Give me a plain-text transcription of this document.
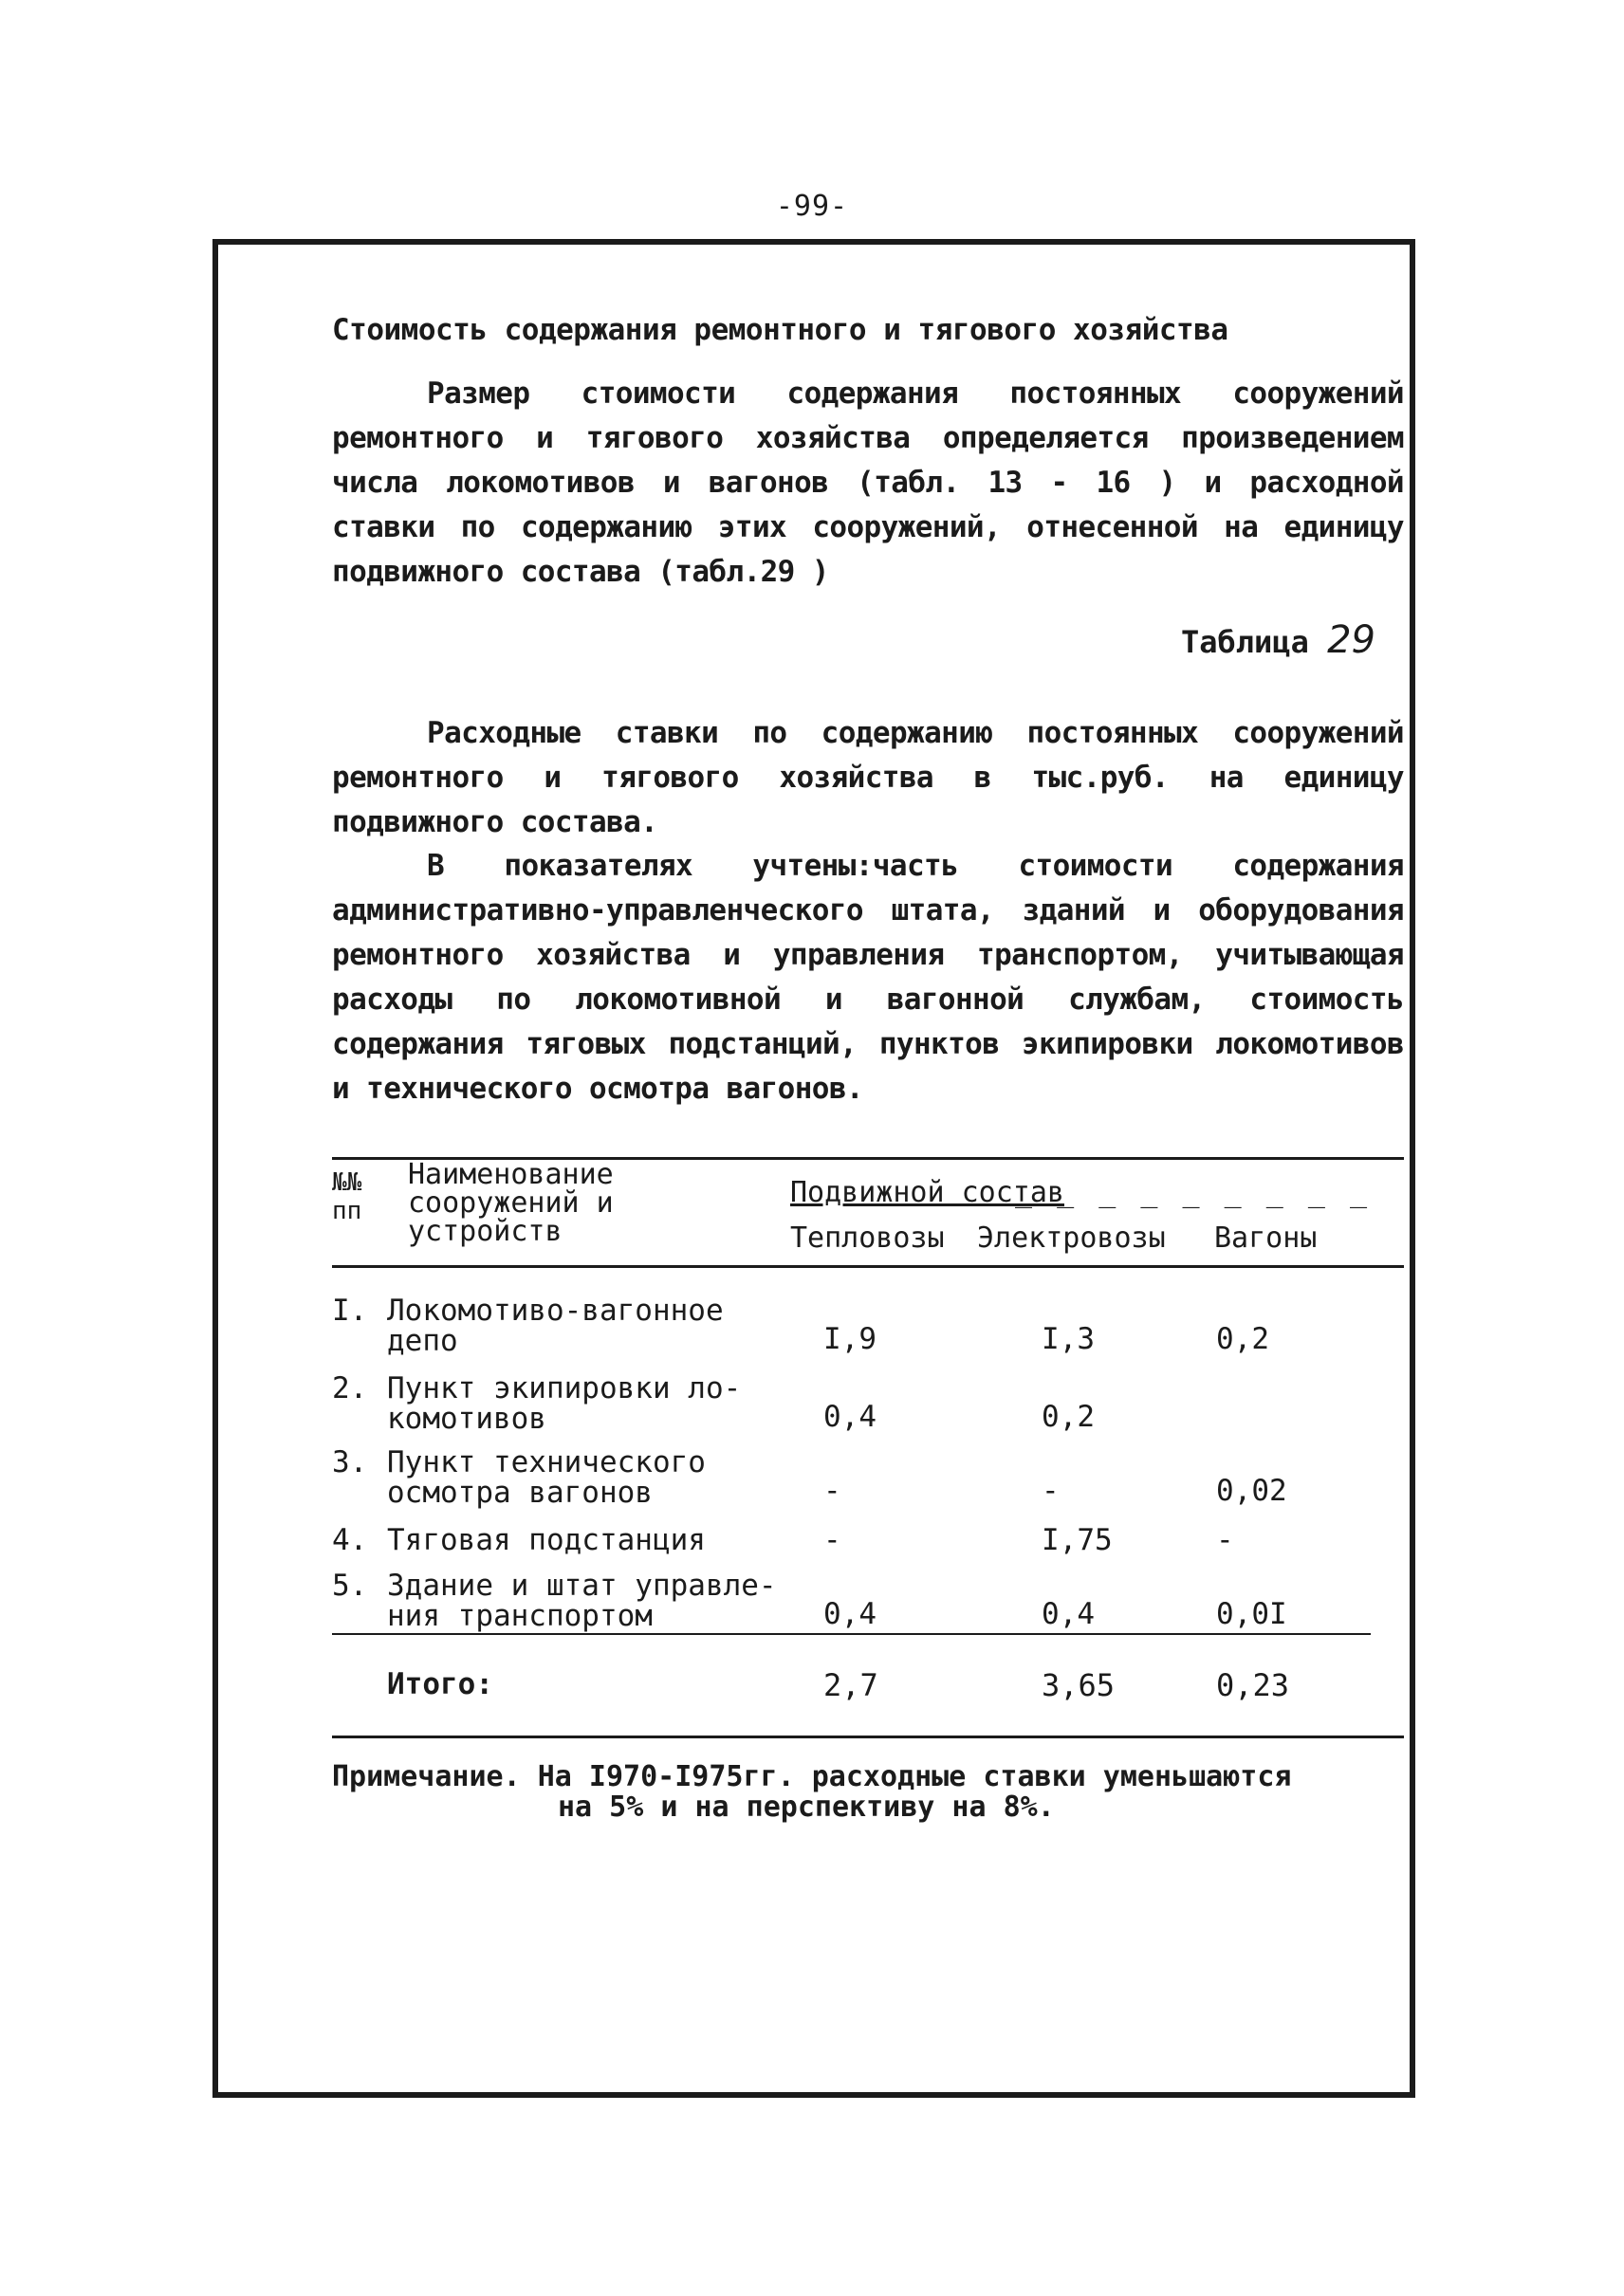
-99-
Стоимость содержания ремонтного и тягового хозяйства
Размер стоимости содержания постоянных сооружений ремонтного и тягового хозяйства определяется произведением числа локомотивов и вагонов (табл. 13 - 16 ) и расходной ставки по содержанию этих сооружений, отнесенной на единицу подвижного состава (табл.29 )
Таблица 29
Расходные ставки по содержанию постоянных сооружений ремонтного и тягового хозяйства в тыс.руб. на единицу подвижного состава.
В показателях учтены:часть стоимости содержания административно-управленческого штата, зданий и оборудования ремонтного хозяйства и управления транспортом, учитывающая расходы по локомотивной и вагонной службам, стоимость содержания тяговых подстанций, пунктов экипировки локомотивов и технического осмотра вагонов.
№№
пп
Наименование
сооружений и
устройств
Подвижной состав
_ _ _ _ _ _ _ _ _
Тепловозы Электровозы Вагоны
I. Локомотиво-вагонное
депо	I,9	I,3	0,2
2. Пункт экипировки ло-
комотивов	0,4	0,2
3. Пункт технического
осмотра вагонов	-	-	0,02
4. Тяговая подстанция	-	I,75	-
5. Здание и штат управле-
ния транспортом	0,4	0,4	0,0I
Итого:	2,7	3,65	0,23
Примечание. На I970-I975гг. расходные ставки уменьшаются
на 5% и на перспективу на 8%.
